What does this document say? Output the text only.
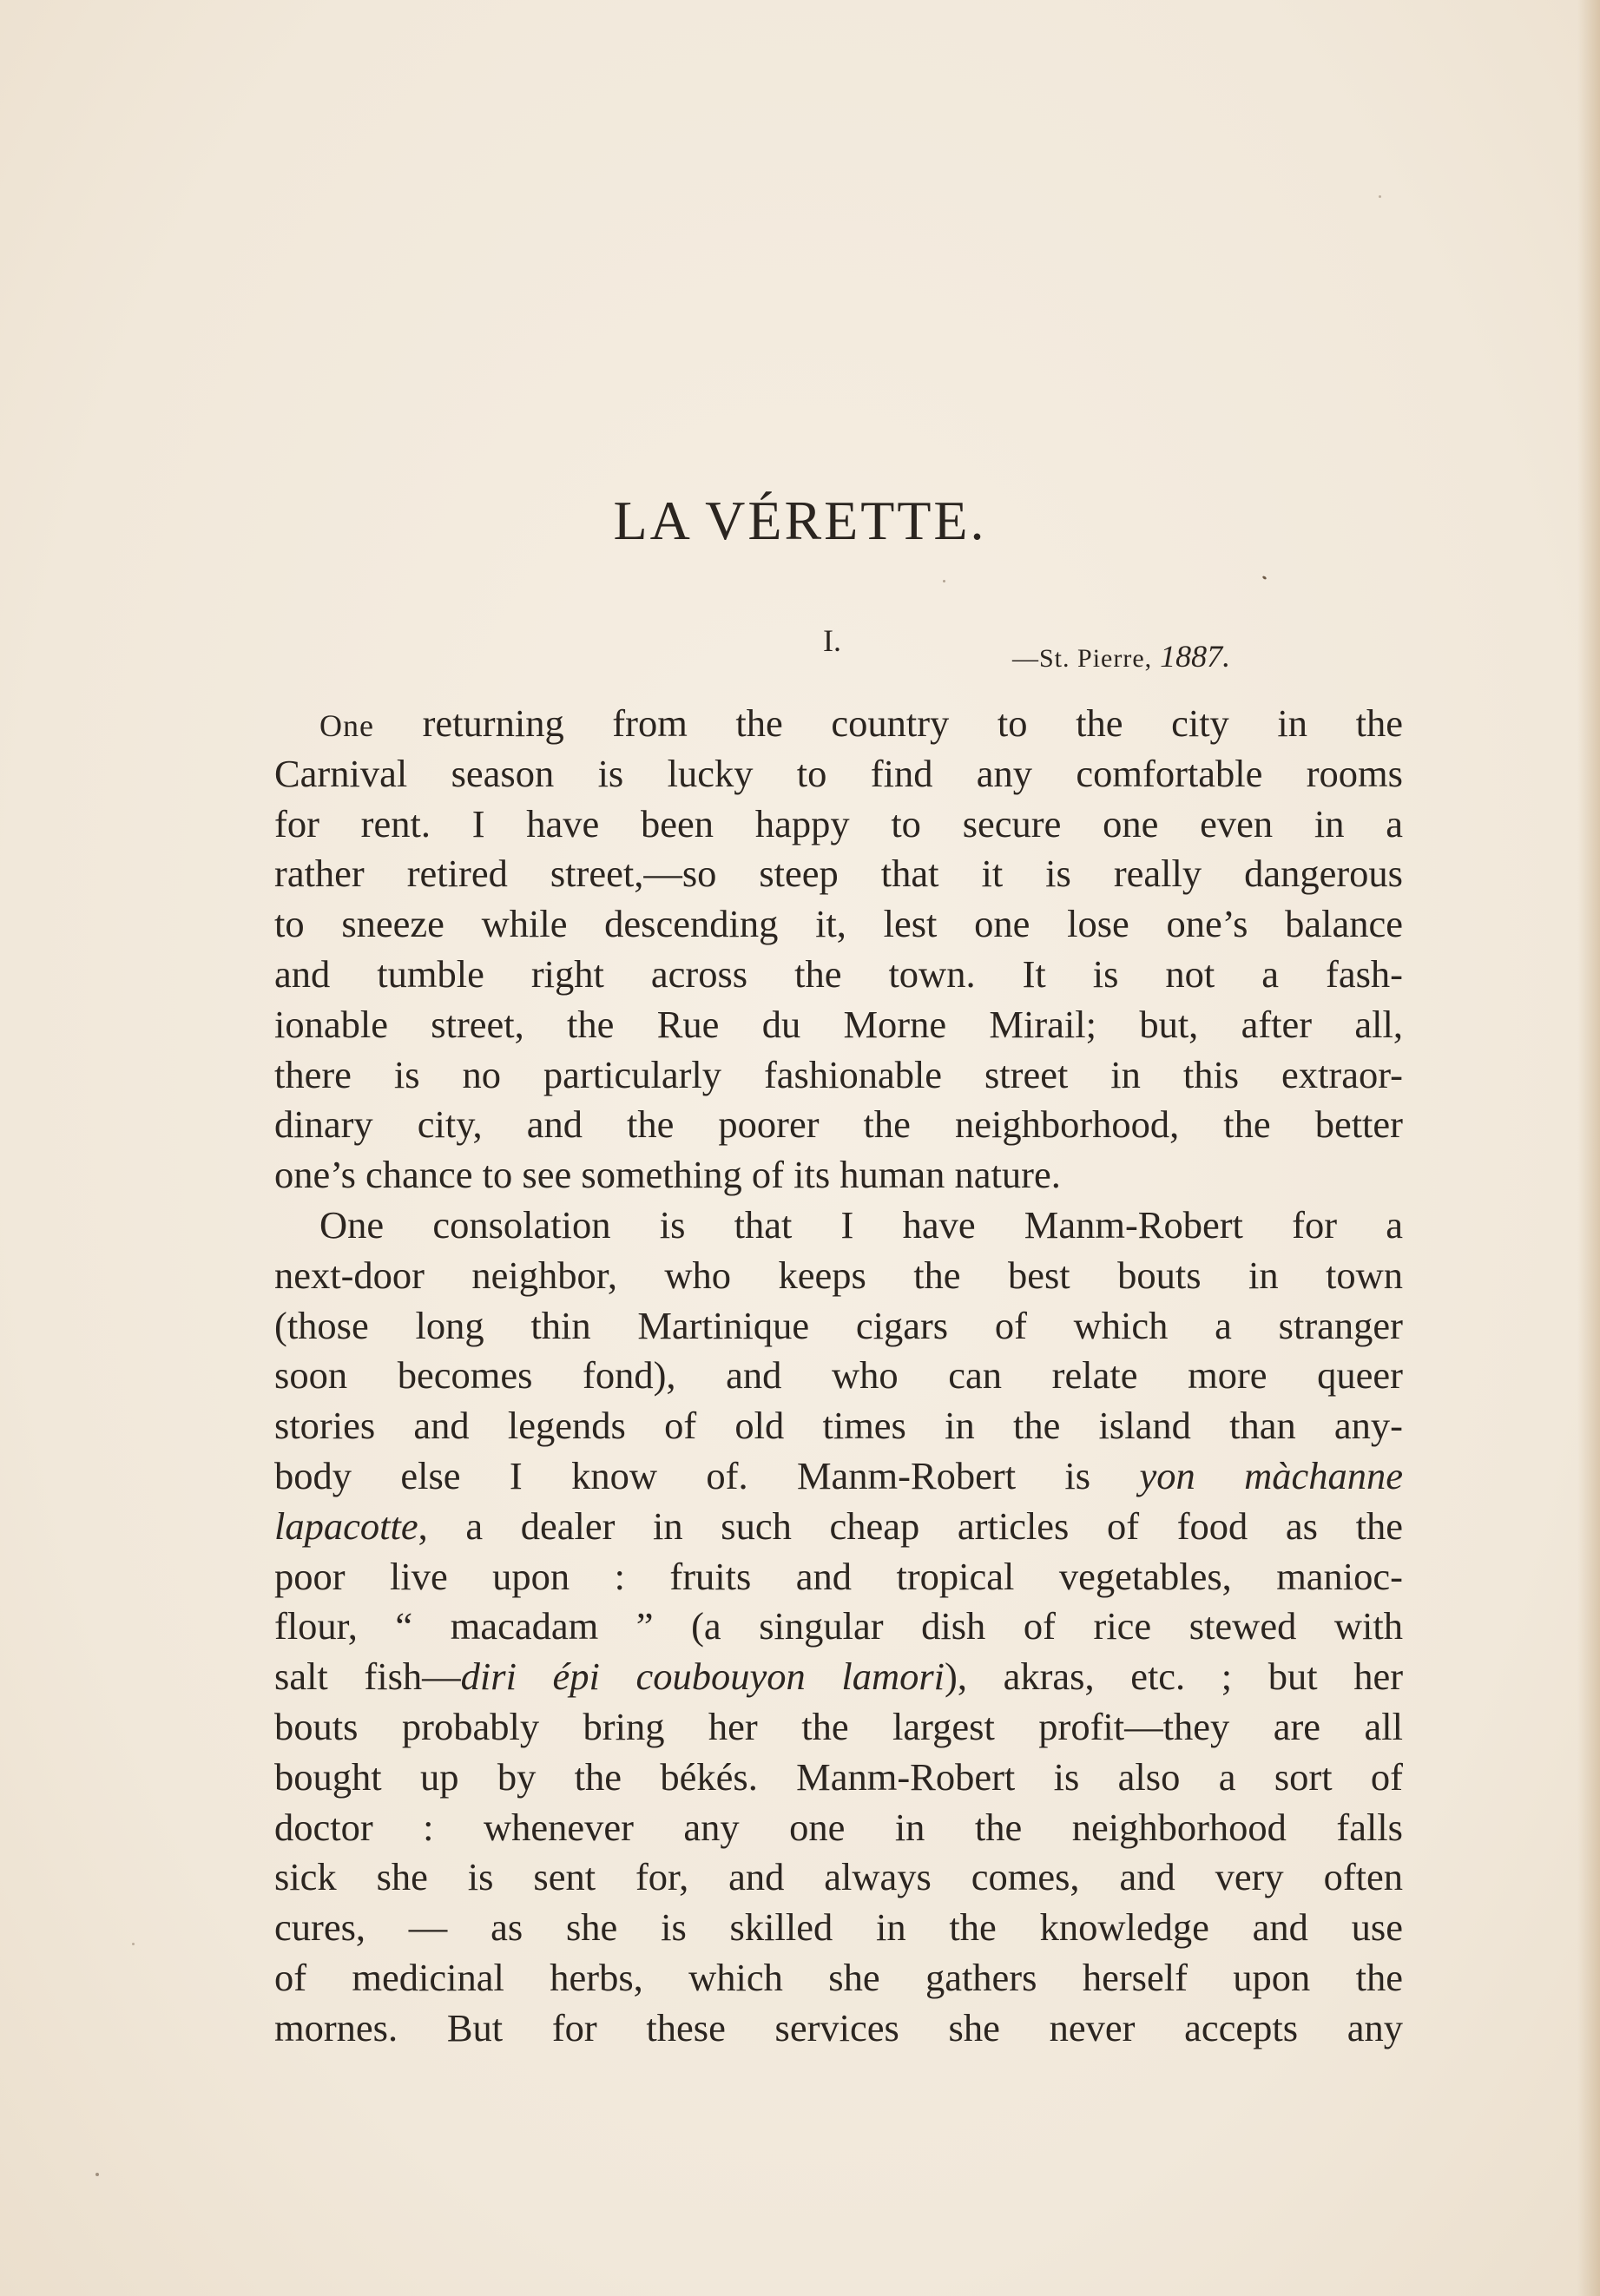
LA VÉRETTE.
I.
—St. Pierre, 1887.
One returning from the country to the city in the
Carnival season is lucky to find any comfortable rooms
for rent. I have been happy to secure one even in a
rather retired street,—so steep that it is really dangerous
to sneeze while descending it, lest one lose one’s balance
and tumble right across the town. It is not a fash-
ionable street, the Rue du Morne Mirail; but, after all,
there is no particularly fashionable street in this extraor-
dinary city, and the poorer the neighborhood, the better
one’s chance to see something of its human nature.
One consolation is that I have Manm-Robert for a
next-door neighbor, who keeps the best bouts in town
(those long thin Martinique cigars of which a stranger
soon becomes fond), and who can relate more queer
stories and legends of old times in the island than any-
body else I know of. Manm-Robert is yon màchanne
lapacotte, a dealer in such cheap articles of food as the
poor live upon : fruits and tropical vegetables, manioc-
flour, “ macadam ” (a singular dish of rice stewed with
salt fish—diri épi coubouyon lamori), akras, etc. ; but her
bouts probably bring her the largest profit—they are all
bought up by the békés. Manm-Robert is also a sort of
doctor : whenever any one in the neighborhood falls
sick she is sent for, and always comes, and very often
cures, — as she is skilled in the knowledge and use
of medicinal herbs, which she gathers herself upon the
mornes. But for these services she never accepts any
